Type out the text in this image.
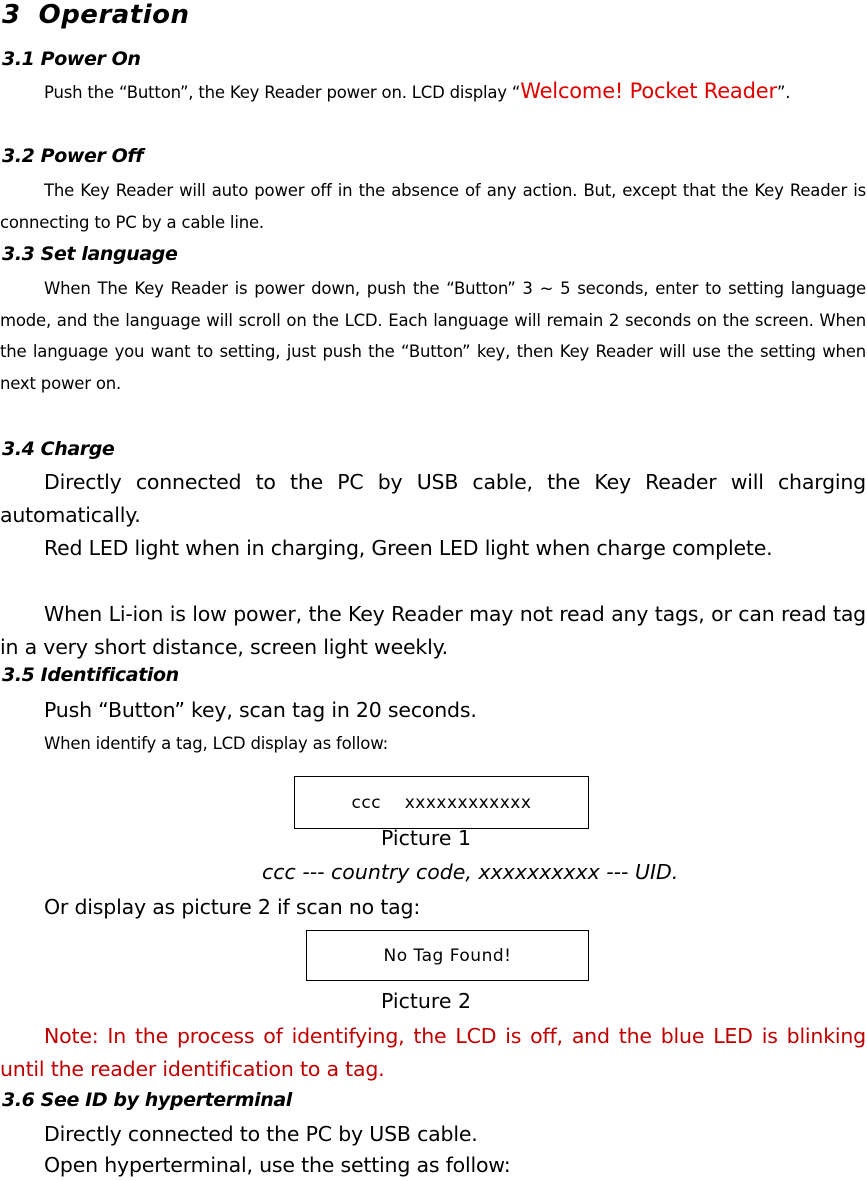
3 Operation
3.1 Power On
Push the “Button”, the Key Reader power on. LCD display “Welcome! Pocket Reader”.
3.2 Power Off
The Key Reader will auto power off in the absence of any action. But, except that the Key Reader is connecting to PC by a cable line.
3.3 Set language
When The Key Reader is power down, push the “Button” 3 ~ 5 seconds, enter to setting language mode, and the language will scroll on the LCD. Each language will remain 2 seconds on the screen. When the language you want to setting, just push the “Button” key, then Key Reader will use the setting when next power on.
3.4 Charge
Directly connected to the PC by USB cable, the Key Reader will charging automatically.
Red LED light when in charging, Green LED light when charge complete.
When Li-ion is low power, the Key Reader may not read any tags, or can read tag in a very short distance, screen light weekly.
3.5 Identification
Push “Button” key, scan tag in 20 seconds.
When identify a tag, LCD display as follow:
ccc    xxxxxxxxxxxx
Picture 1
ccc --- country code, xxxxxxxxxx --- UID.
Or display as picture 2 if scan no tag:
No Tag Found!
Picture 2
Note: In the process of identifying, the LCD is off, and the blue LED is blinking until the reader identification to a tag.
3.6 See ID by hyperterminal
Directly connected to the PC by USB cable.
Open hyperterminal, use the setting as follow:
